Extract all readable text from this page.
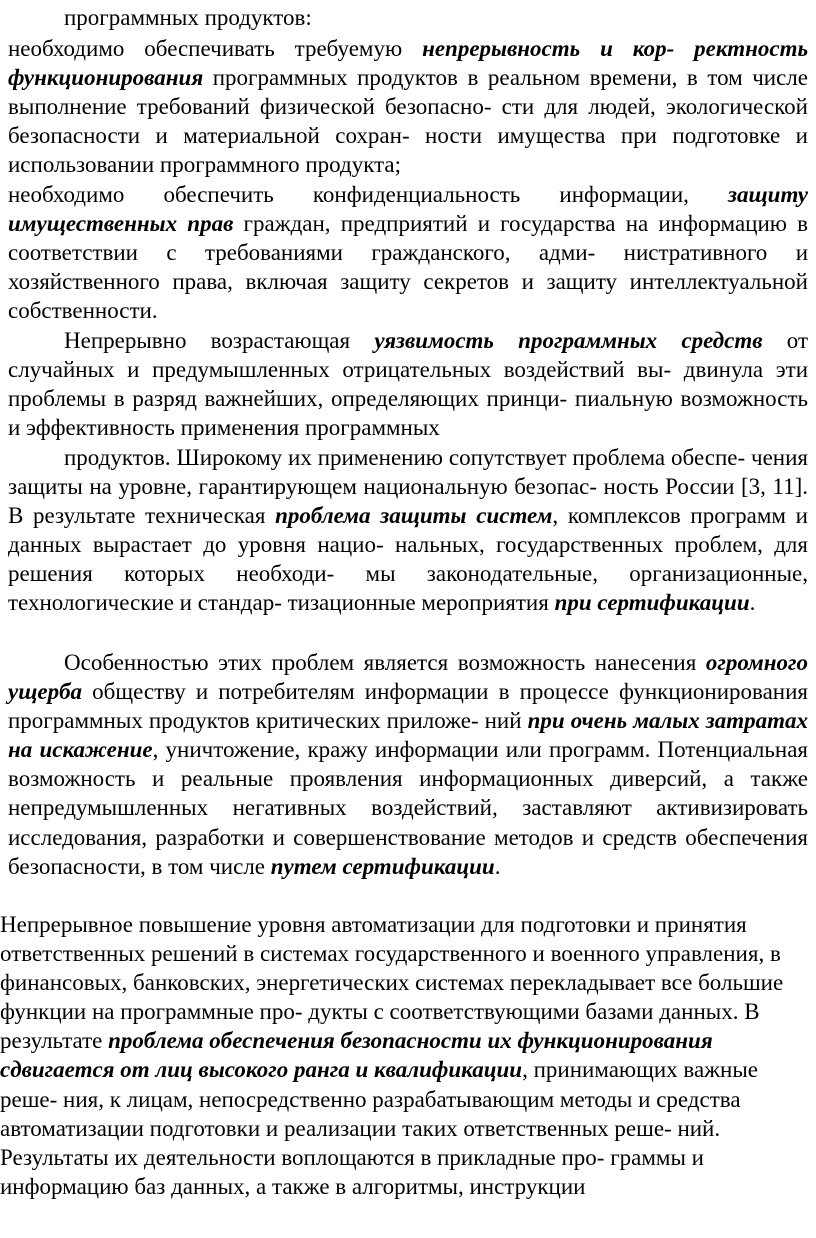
программных продуктов:

необходимо обеспечивать требуемую непрерывность и кор- ректность функционирования программных продуктов в реальном времени, в том числе выполнение требований физической безопасно- сти для людей, экологической безопасности и материальной сохран- ности имущества при подготовке и использовании программного продукта;

необходимо обеспечить конфиденциальность информации, защиту имущественных прав граждан, предприятий и государства на информацию в соответствии с требованиями гражданского, адми- нистративного и хозяйственного права, включая защиту секретов и защиту интеллектуальной собственности.

Непрерывно возрастающая уязвимость программных средств от случайных и предумышленных отрицательных воздействий вы- двинула эти проблемы в разряд важнейших, определяющих принци- пиальную возможность и эффективность применения программных

продуктов. Широкому их применению сопутствует проблема обеспе- чения защиты на уровне, гарантирующем национальную безопас- ность России [3, 11]. В результате техническая проблема защиты систем, комплексов программ и данных вырастает до уровня нацио- нальных, государственных проблем, для решения которых необходи- мы законодательные, организационные, технологические и стандар- тизационные мероприятия при сертификации.

Особенностью этих проблем является возможность нанесения огромного ущерба обществу и потребителям информации в процессе функционирования программных продуктов критических приложе- ний при очень малых затратах на искажение, уничтожение, кражу информации или программ. Потенциальная возможность и реальные проявления информационных диверсий, а также непредумышленных негативных воздействий, заставляют активизировать исследования, разработки и совершенствование методов и средств обеспечения безопасности, в том числе путем сертификации.

Непрерывное повышение уровня автоматизации для подготовки и принятия ответственных решений в системах государственного и военного управления, в финансовых, банковских, энергетических системах перекладывает все большие функции на программные про- дукты с соответствующими базами данных. В результате проблема обеспечения безопасности их функционирования сдвигается от лиц высокого ранга и квалификации, принимающих важные реше- ния, к лицам, непосредственно разрабатывающим методы и средства автоматизации подготовки и реализации таких ответственных реше- ний. Результаты их деятельности воплощаются в прикладные про- граммы и информацию баз данных, а также в алгоритмы, инструкции
